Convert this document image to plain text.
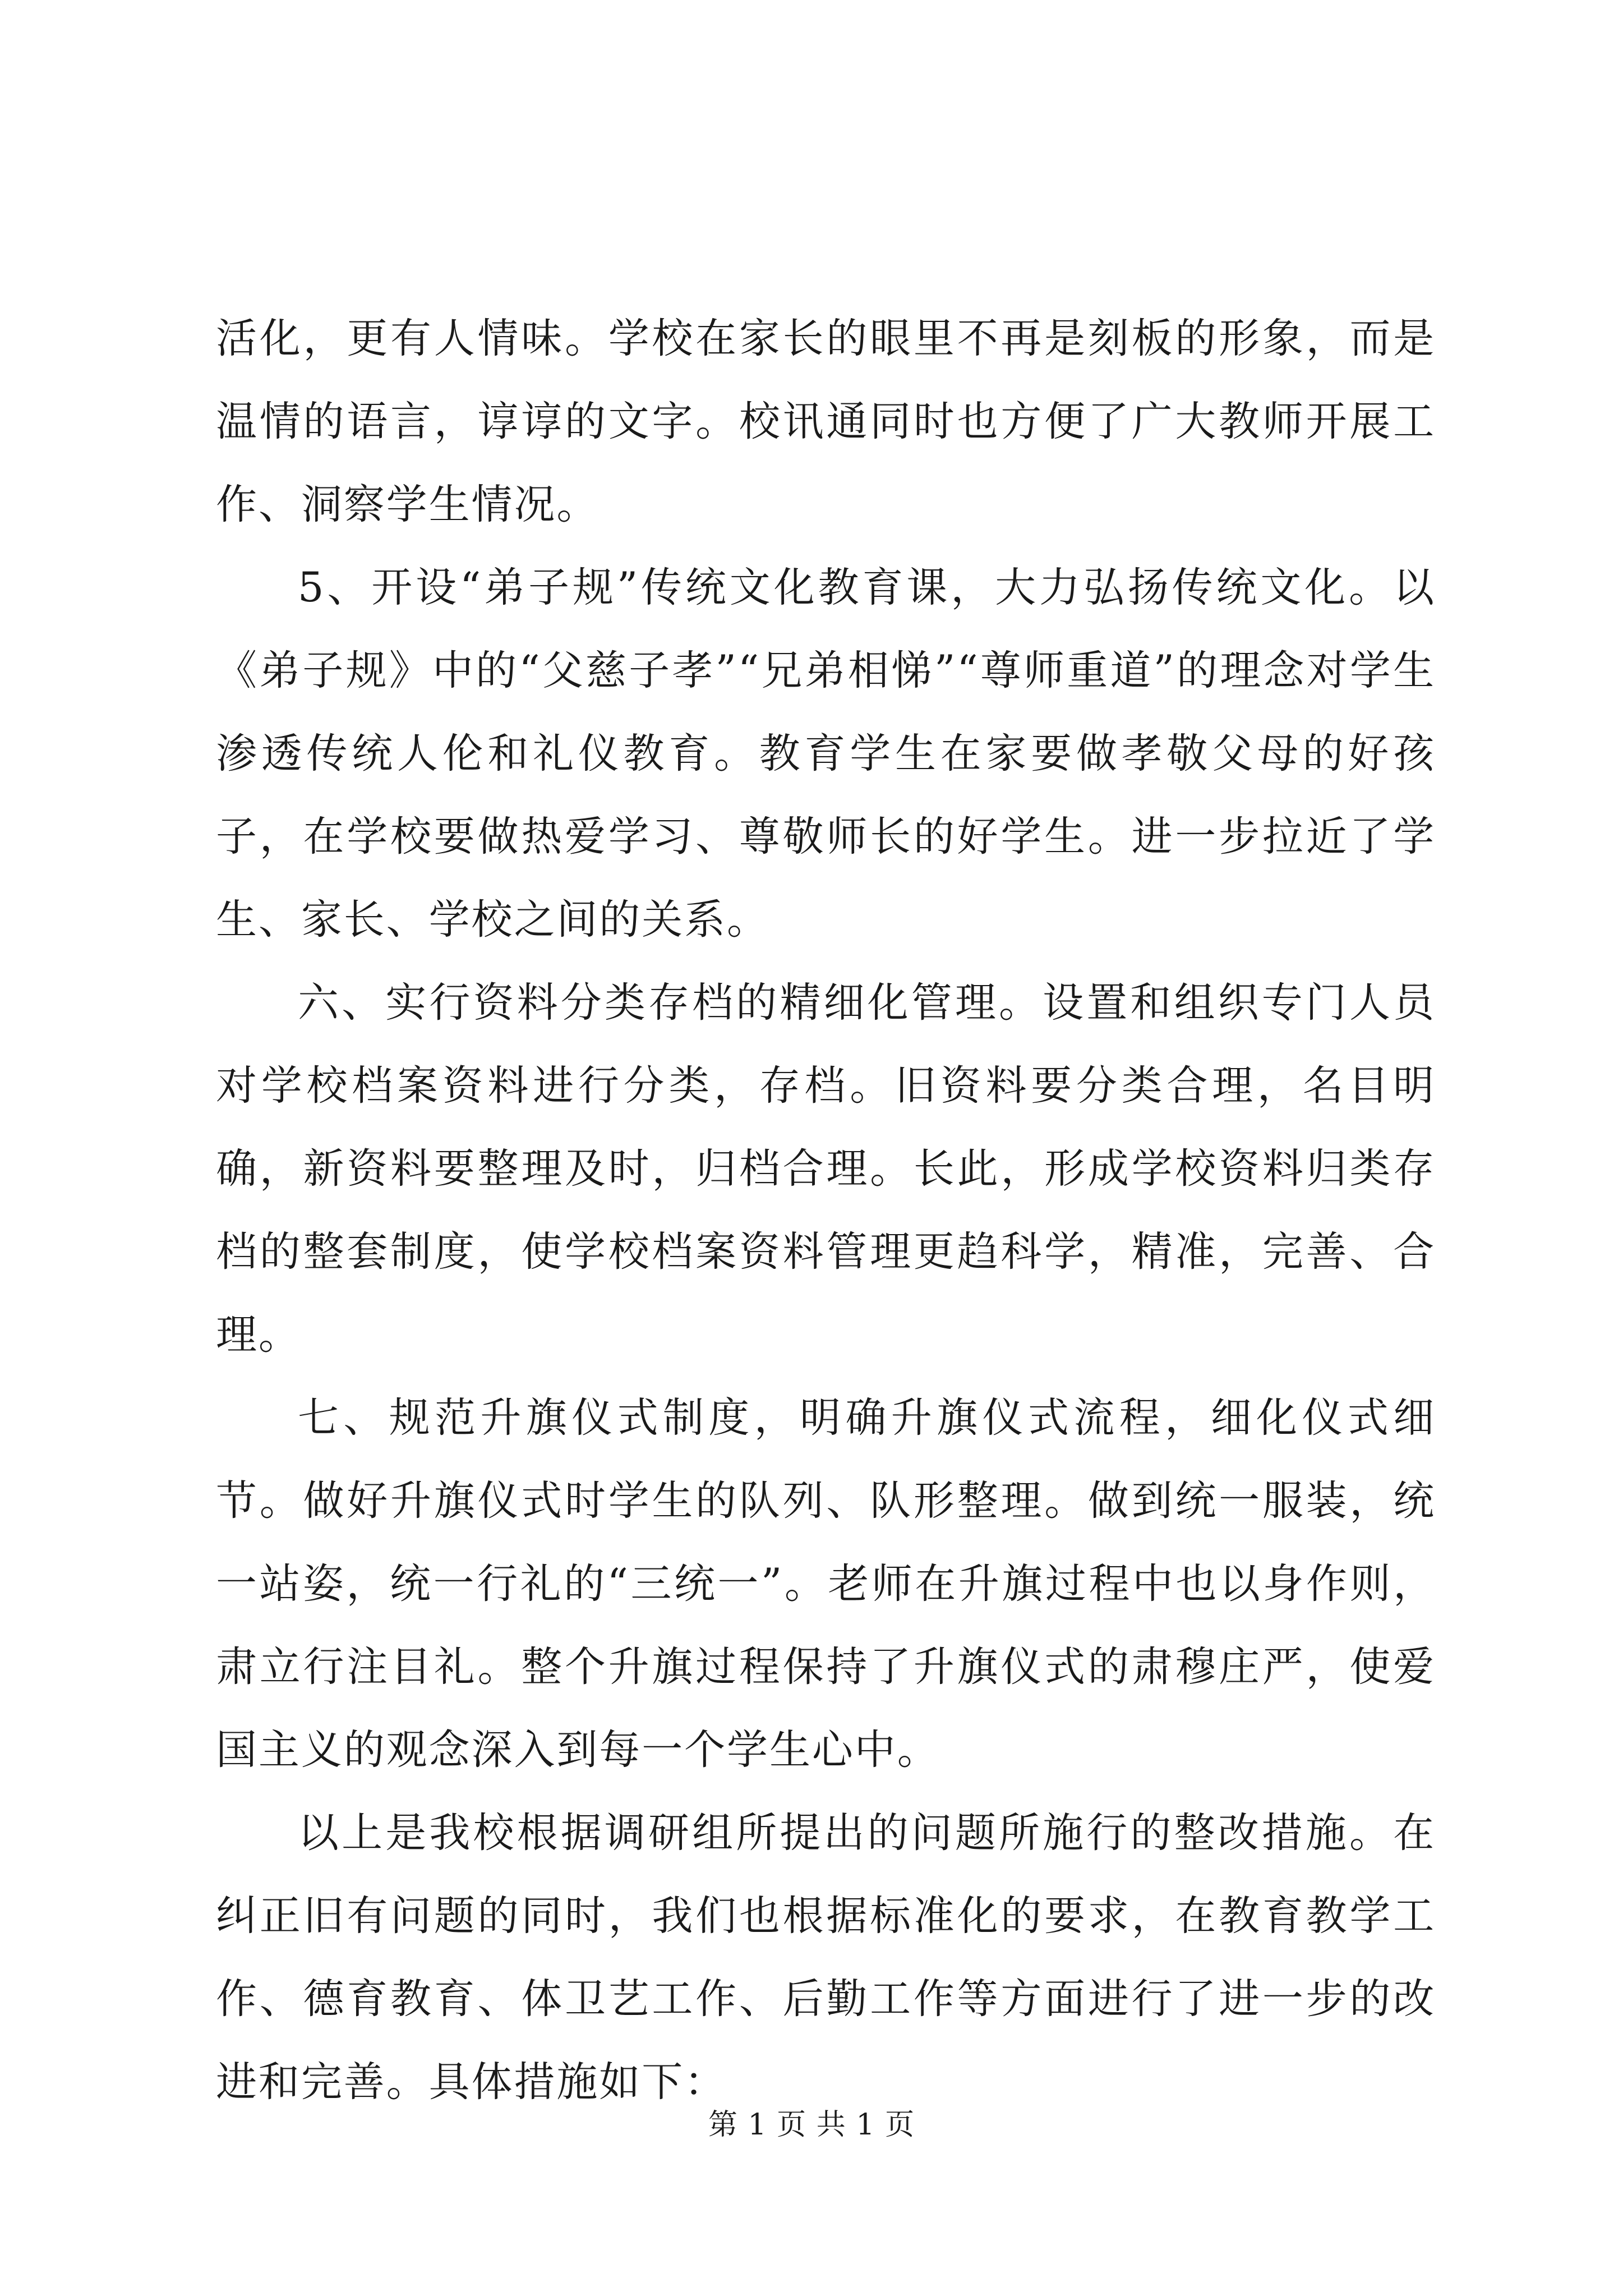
活化，更有人情味。学校在家长的眼里不再是刻板的形象，而是温情的语言，谆谆的文字。校讯通同时也方便了广大教师开展工作、洞察学生情况。

5、开设“弟子规”传统文化教育课，大力弘扬传统文化。以《弟子规》中的“父慈子孝”“兄弟相悌”“尊师重道”的理念对学生渗透传统人伦和礼仪教育。教育学生在家要做孝敬父母的好孩子，在学校要做热爱学习、尊敬师长的好学生。进一步拉近了学生、家长、学校之间的关系。

六、实行资料分类存档的精细化管理。设置和组织专门人员对学校档案资料进行分类，存档。旧资料要分类合理，名目明确，新资料要整理及时，归档合理。长此，形成学校资料归类存档的整套制度，使学校档案资料管理更趋科学，精准，完善、合理。

七、规范升旗仪式制度，明确升旗仪式流程，细化仪式细节。做好升旗仪式时学生的队列、队形整理。做到统一服装，统一站姿，统一行礼的“三统一”。老师在升旗过程中也以身作则，肃立行注目礼。整个升旗过程保持了升旗仪式的肃穆庄严，使爱国主义的观念深入到每一个学生心中。

以上是我校根据调研组所提出的问题所施行的整改措施。在纠正旧有问题的同时，我们也根据标准化的要求，在教育教学工作、德育教育、体卫艺工作、后勤工作等方面进行了进一步的改进和完善。具体措施如下：

第 1 页 共 1 页
